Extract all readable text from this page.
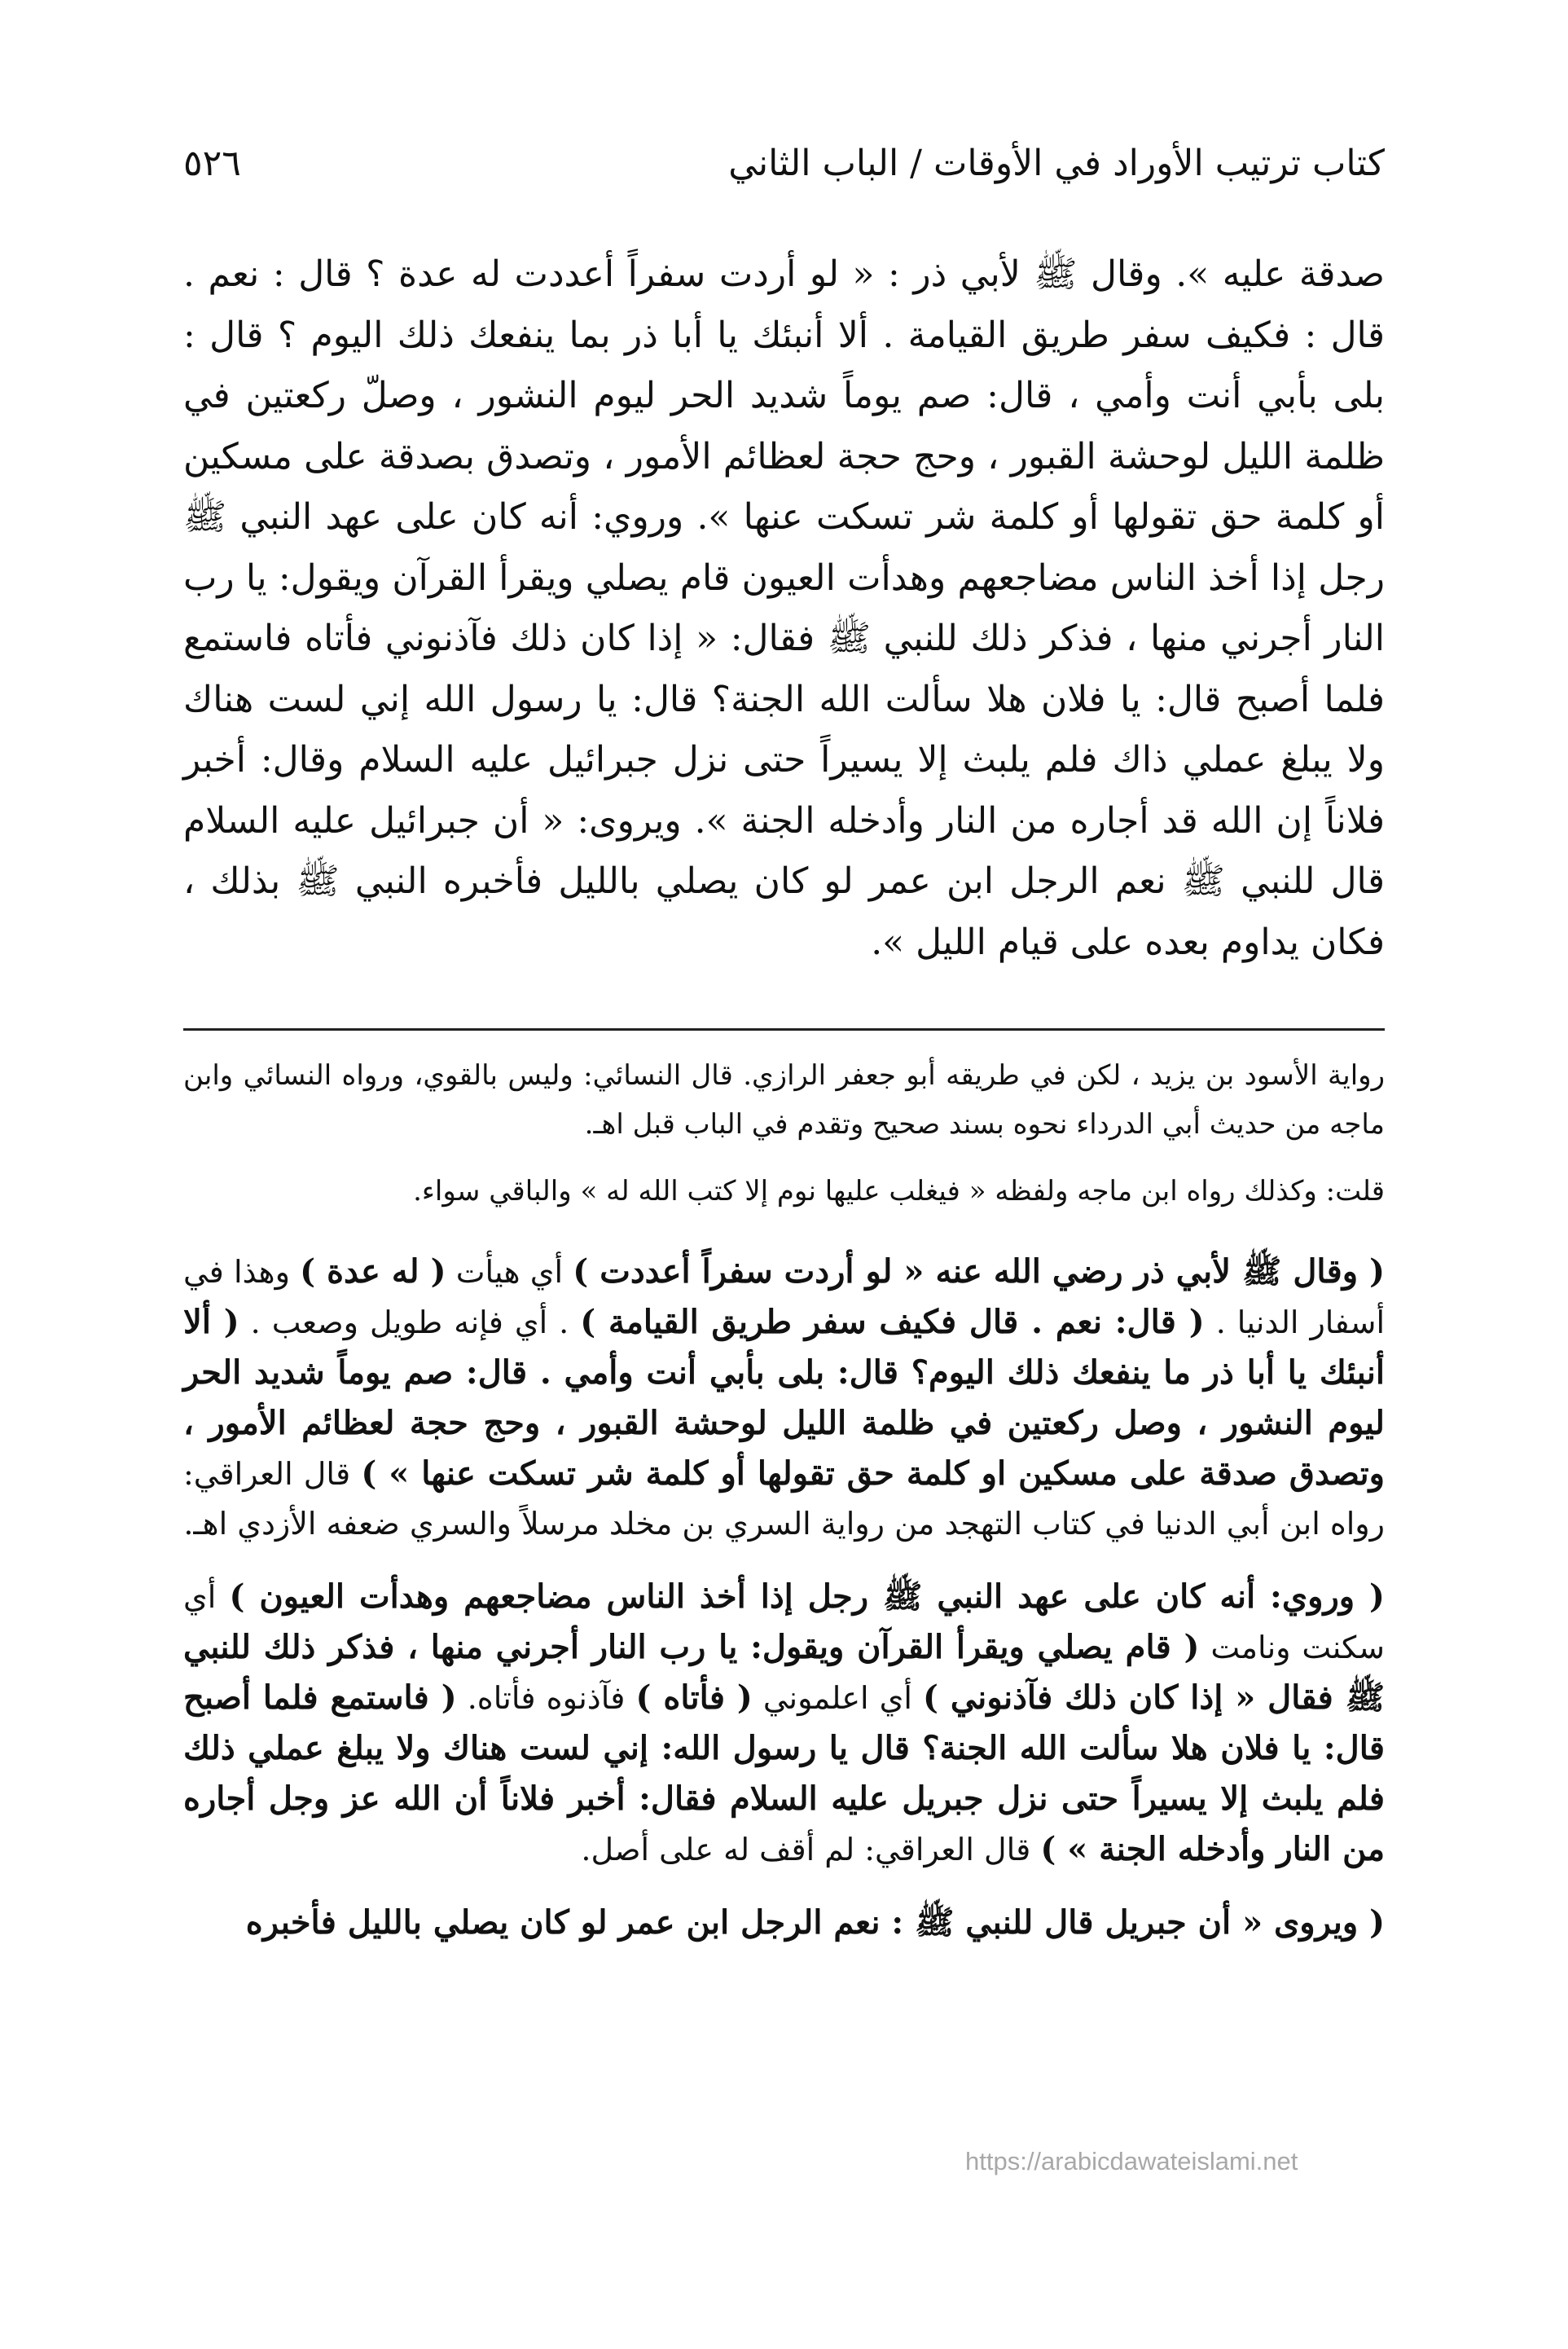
كتاب ترتيب الأوراد في الأوقات / الباب الثاني
٥٢٦

صدقة عليه ». وقال ﷺ لأبي ذر : « لو أردت سفراً أعددت له عدة ؟ قال : نعم . قال : فكيف سفر طريق القيامة . ألا أنبئك يا أبا ذر بما ينفعك ذلك اليوم ؟ قال : بلى بأبي أنت وأمي ، قال: صم يوماً شديد الحر ليوم النشور ، وصلّ ركعتين في ظلمة الليل لوحشة القبور ، وحج حجة لعظائم الأمور ، وتصدق بصدقة على مسكين أو كلمة حق تقولها أو كلمة شر تسكت عنها ». وروي: أنه كان على عهد النبي ﷺ رجل إذا أخذ الناس مضاجعهم وهدأت العيون قام يصلي ويقرأ القرآن ويقول: يا رب النار أجرني منها ، فذكر ذلك للنبي ﷺ فقال: « إذا كان ذلك فآذنوني فأتاه فاستمع فلما أصبح قال: يا فلان هلا سألت الله الجنة؟ قال: يا رسول الله إني لست هناك ولا يبلغ عملي ذاك فلم يلبث إلا يسيراً حتى نزل جبرائيل عليه السلام وقال: أخبر فلاناً إن الله قد أجاره من النار وأدخله الجنة ». ويروى: « أن جبرائيل عليه السلام قال للنبي ﷺ نعم الرجل ابن عمر لو كان يصلي بالليل فأخبره النبي ﷺ بذلك ، فكان يداوم بعده على قيام الليل ».

رواية الأسود بن يزيد ، لكن في طريقه أبو جعفر الرازي. قال النسائي: وليس بالقوي، ورواه النسائي وابن ماجه من حديث أبي الدرداء نحوه بسند صحيح وتقدم في الباب قبل اهـ.

قلت: وكذلك رواه ابن ماجه ولفظه « فيغلب عليها نوم إلا كتب الله له » والباقي سواء.

( وقال ﷺ لأبي ذر رضي الله عنه « لو أردت سفراً أعددت ) أي هيأت ( له عدة ) وهذا في أسفار الدنيا . ( قال: نعم . قال فكيف سفر طريق القيامة ) . أي فإنه طويل وصعب . ( ألا أنبئك يا أبا ذر ما ينفعك ذلك اليوم؟ قال: بلى بأبي أنت وأمي . قال: صم يوماً شديد الحر ليوم النشور ، وصل ركعتين في ظلمة الليل لوحشة القبور ، وحج حجة لعظائم الأمور ، وتصدق صدقة على مسكين او كلمة حق تقولها أو كلمة شر تسكت عنها » ) قال العراقي: رواه ابن أبي الدنيا في كتاب التهجد من رواية السري بن مخلد مرسلاً والسري ضعفه الأزدي اهـ.

( وروي: أنه كان على عهد النبي ﷺ رجل إذا أخذ الناس مضاجعهم وهدأت العيون ) أي سكنت ونامت ( قام يصلي ويقرأ القرآن ويقول: يا رب النار أجرني منها ، فذكر ذلك للنبي ﷺ فقال « إذا كان ذلك فآذنوني ) أي اعلموني ( فأتاه ) فآذنوه فأتاه. ( فاستمع فلما أصبح قال: يا فلان هلا سألت الله الجنة؟ قال يا رسول الله: إني لست هناك ولا يبلغ عملي ذلك فلم يلبث إلا يسيراً حتى نزل جبريل عليه السلام فقال: أخبر فلاناً أن الله عز وجل أجاره من النار وأدخله الجنة » ) قال العراقي: لم أقف له على أصل.

( ويروى « أن جبريل قال للنبي ﷺ : نعم الرجل ابن عمر لو كان يصلي بالليل فأخبره

https://arabicdawateislami.net
